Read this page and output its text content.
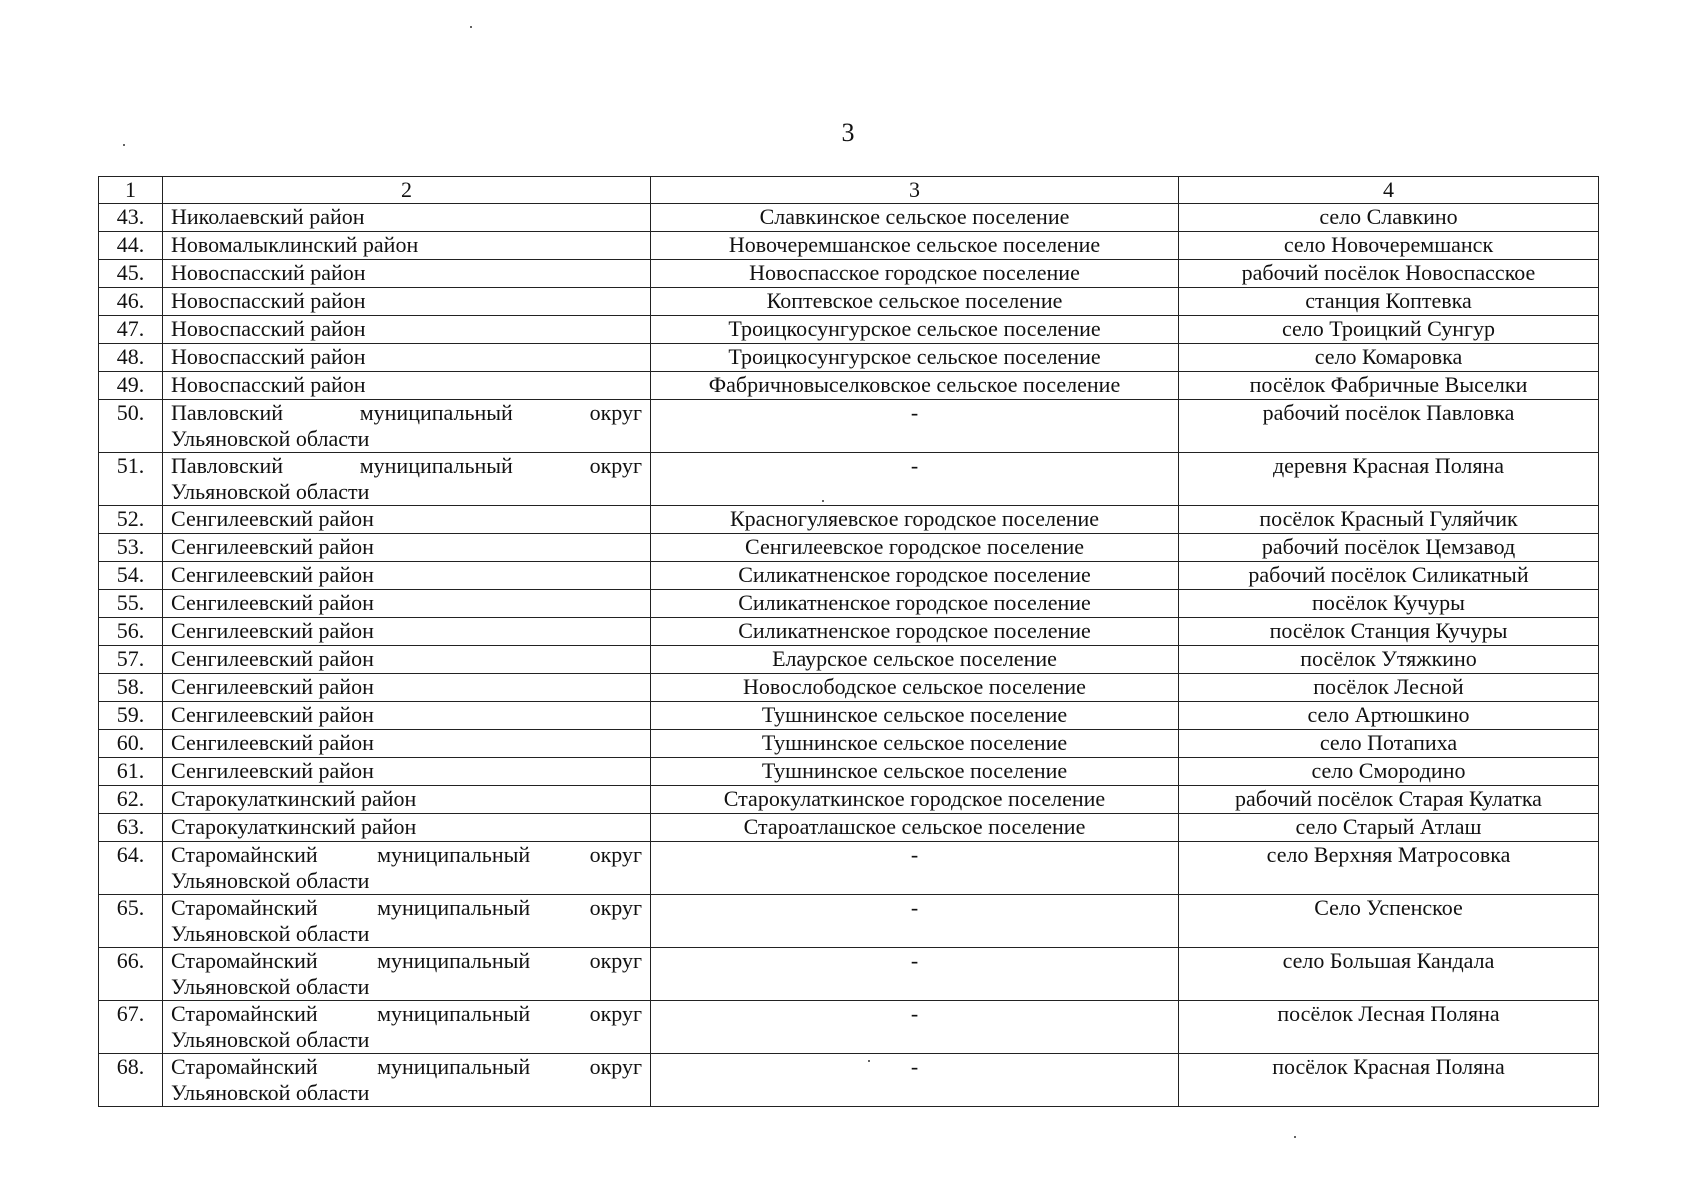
3
1	2	3	4
43.	Николаевский район	Славкинское сельское поселение	село Славкино
44.	Новомалыклинский район	Новочеремшанское сельское поселение	село Новочеремшанск
45.	Новоспасский район	Новоспасское городское поселение	рабочий посёлок Новоспасское
46.	Новоспасский район	Коптевское сельское поселение	станция Коптевка
47.	Новоспасский район	Троицкосунгурское сельское поселение	село Троицкий Сунгур
48.	Новоспасский район	Троицкосунгурское сельское поселение	село Комаровка
49.	Новоспасский район	Фабричновыселковское сельское поселение	посёлок Фабричные Выселки
50.	Павловский муниципальный округ
Ульяновской области	-	рабочий посёлок Павловка
51.	Павловский муниципальный округ
Ульяновской области	-	деревня Красная Поляна
52.	Сенгилеевский район	Красногуляевское городское поселение	посёлок Красный Гуляйчик
53.	Сенгилеевский район	Сенгилеевское городское поселение	рабочий посёлок Цемзавод
54.	Сенгилеевский район	Силикатненское городское поселение	рабочий посёлок Силикатный
55.	Сенгилеевский район	Силикатненское городское поселение	посёлок Кучуры
56.	Сенгилеевский район	Силикатненское городское поселение	посёлок Станция Кучуры
57.	Сенгилеевский район	Елаурское сельское поселение	посёлок Утяжкино
58.	Сенгилеевский район	Новослободское сельское поселение	посёлок Лесной
59.	Сенгилеевский район	Тушнинское сельское поселение	село Артюшкино
60.	Сенгилеевский район	Тушнинское сельское поселение	село Потапиха
61.	Сенгилеевский район	Тушнинское сельское поселение	село Смородино
62.	Старокулаткинский район	Старокулаткинское городское поселение	рабочий посёлок Старая Кулатка
63.	Старокулаткинский район	Староатлашское сельское поселение	село Старый Атлаш
64.	Старомайнский муниципальный округ
Ульяновской области	-	село Верхняя Матросовка
65.	Старомайнский муниципальный округ
Ульяновской области	-	Село Успенское
66.	Старомайнский муниципальный округ
Ульяновской области	-	село Большая Кандала
67.	Старомайнский муниципальный округ
Ульяновской области	-	посёлок Лесная Поляна
68.	Старомайнский муниципальный округ
Ульяновской области	-	посёлок Красная Поляна
